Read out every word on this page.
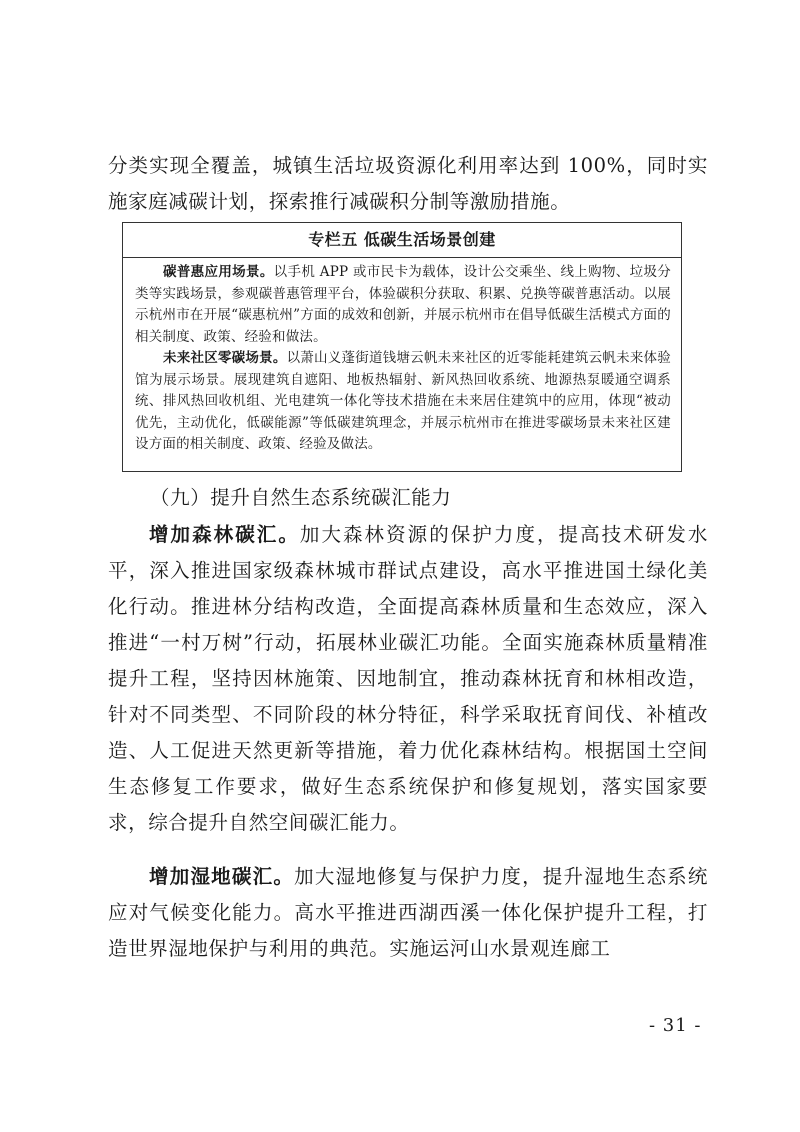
分类实现全覆盖，城镇生活垃圾资源化利用率达到 100%，同时实施家庭减碳计划，探索推行减碳积分制等激励措施。

专栏五 低碳生活场景创建

碳普惠应用场景。以手机 APP 或市民卡为载体，设计公交乘坐、线上购物、垃圾分类等实践场景，参观碳普惠管理平台，体验碳积分获取、积累、兑换等碳普惠活动。以展示杭州市在开展“碳惠杭州”方面的成效和创新，并展示杭州市在倡导低碳生活模式方面的相关制度、政策、经验和做法。

未来社区零碳场景。以萧山义蓬街道钱塘云帆未来社区的近零能耗建筑云帆未来体验馆为展示场景。展现建筑自遮阳、地板热辐射、新风热回收系统、地源热泵暖通空调系统、排风热回收机组、光电建筑一体化等技术措施在未来居住建筑中的应用，体现“被动优先，主动优化，低碳能源”等低碳建筑理念，并展示杭州市在推进零碳场景未来社区建设方面的相关制度、政策、经验及做法。

（九）提升自然生态系统碳汇能力

增加森林碳汇。加大森林资源的保护力度，提高技术研发水平，深入推进国家级森林城市群试点建设，高水平推进国土绿化美化行动。推进林分结构改造，全面提高森林质量和生态效应，深入推进“一村万树”行动，拓展林业碳汇功能。全面实施森林质量精准提升工程，坚持因林施策、因地制宜，推动森林抚育和林相改造，针对不同类型、不同阶段的林分特征，科学采取抚育间伐、补植改造、人工促进天然更新等措施，着力优化森林结构。根据国土空间生态修复工作要求，做好生态系统保护和修复规划，落实国家要求，综合提升自然空间碳汇能力。

增加湿地碳汇。加大湿地修复与保护力度，提升湿地生态系统应对气候变化能力。高水平推进西湖西溪一体化保护提升工程，打造世界湿地保护与利用的典范。实施运河山水景观连廊工

- 31 -
